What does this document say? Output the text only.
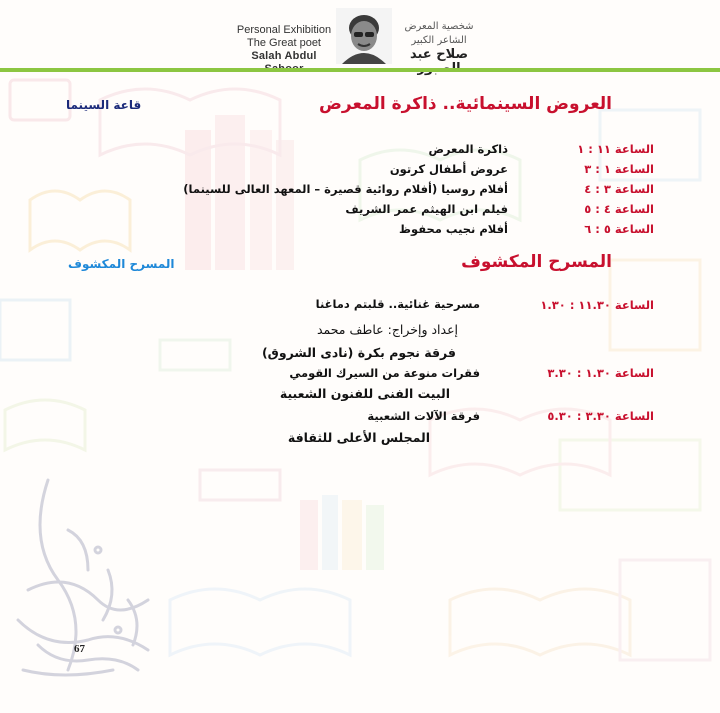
Personal Exhibition
The Great poet
Salah Abdul
شخصية المعرض
الشاعر الكبير
صلاح عبد
العروض السينمائية.. ذاكرة المعرض
قاعة السينما
الساعة ١١ : ١
ذاكرة المعرض
الساعة ١ : ٣
عروض أطفال كرتون
الساعة ٣ : ٤
أفلام روسيا (أفلام روائية قصيرة – المعهد العالى للسينما)
الساعة ٤ : ٥
فيلم ابن الهيثم عمر الشريف
الساعة ٥ : ٦
أفلام نجيب محفوظ
المسرح المكشوف
المسرح المكشوف
الساعة ١١.٣٠ : ١.٣٠
مسرحية غنائية.. قلبتم دماغنا
إعداد وإخراج: عاطف محمد
فرقة نجوم بكرة (نادى الشروق)
الساعة ١.٣٠ : ٣.٣٠
فقرات منوعة من السيرك القومي
البيت الفنى للفنون الشعبية
الساعة ٣.٣٠ : ٥.٣٠
فرقة الآلات الشعبية
المجلس الأعلى للثقافة
67
